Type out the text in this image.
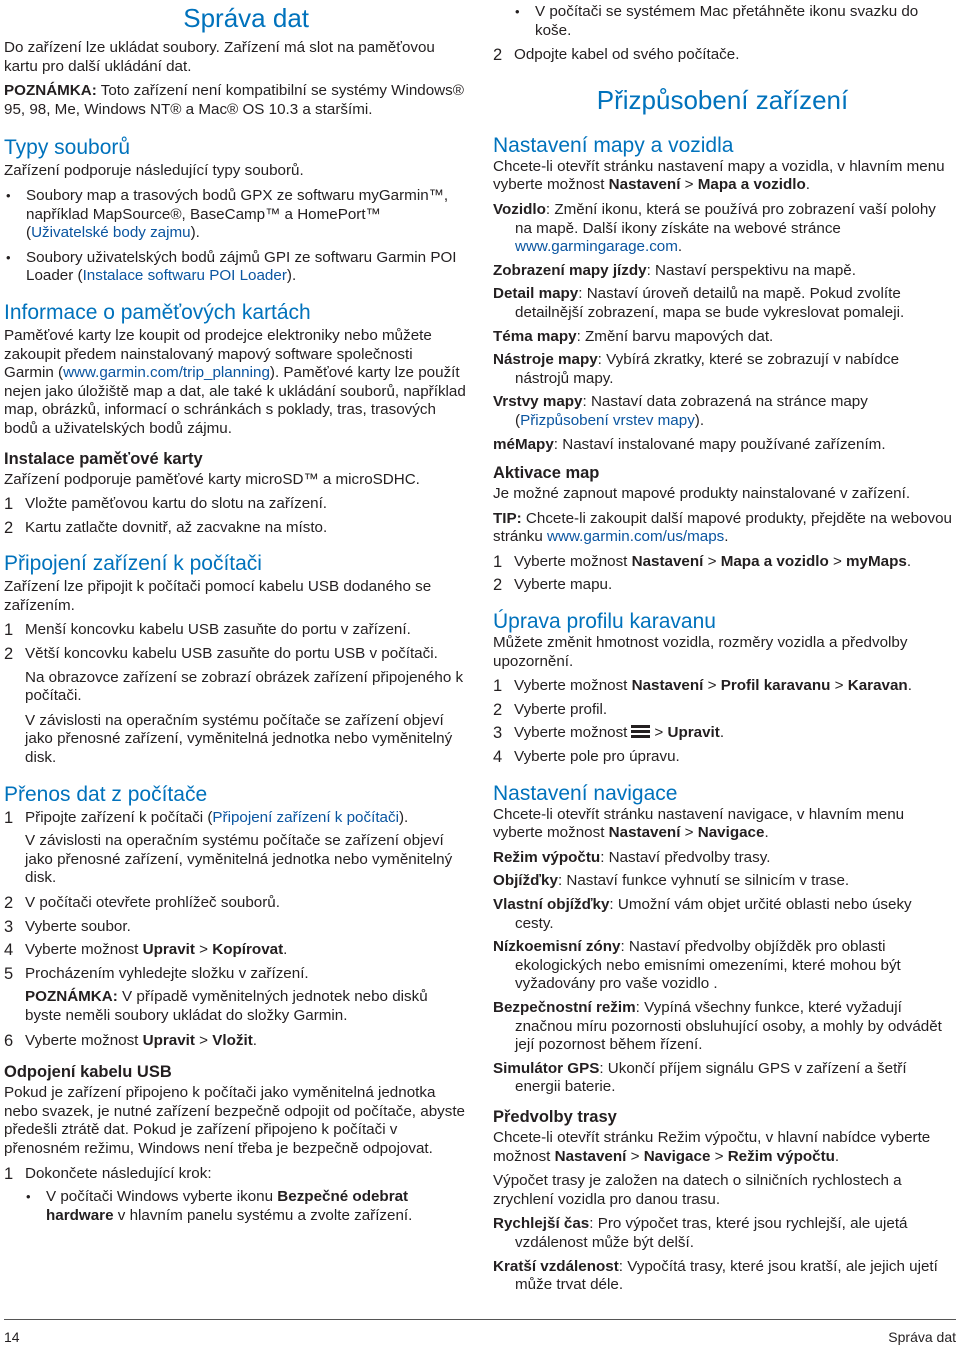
Správa dat

Do zařízení lze ukládat soubory. Zařízení má slot na paměťovou kartu pro další ukládání dat.

POZNÁMKA: Toto zařízení není kompatibilní se systémy Windows® 95, 98, Me, Windows NT® a Mac® OS 10.3 a staršími.

Typy souborů

Zařízení podporuje následující typy souborů.

•	Soubory map a trasových bodů GPX ze softwaru myGarmin™, například MapSource®, BaseCamp™ a HomePort™ (Uživatelské body zajmu).
•	Soubory uživatelských bodů zájmů GPI ze softwaru Garmin POI Loader (Instalace softwaru POI Loader).
Informace o paměťových kartách

Paměťové karty lze koupit od prodejce elektroniky nebo můžete zakoupit předem nainstalovaný mapový software společnosti Garmin (www.garmin.com/trip_planning). Paměťové karty lze použít nejen jako úložiště map a dat, ale také k ukládání souborů, například map, obrázků, informací o schránkách s poklady, tras, trasových bodů a uživatelských bodů zájmu.

Instalace paměťové karty

Zařízení podporuje paměťové karty microSD™ a microSDHC.

1 Vložte paměťovou kartu do slotu na zařízení.
2 Kartu zatlačte dovnitř, až zacvakne na místo.
Připojení zařízení k počítači

Zařízení lze připojit k počítači pomocí kabelu USB dodaného se zařízením.

1 Menší koncovku kabelu USB zasuňte do portu v zařízení.
2 Větší koncovku kabelu USB zasuňte do portu USB v počítači.

Na obrazovce zařízení se zobrazí obrázek zařízení připojeného k počítači.

V závislosti na operačním systému počítače se zařízení objeví jako přenosné zařízení, vyměnitelná jednotka nebo vyměnitelný disk.

Přenos dat z počítače
1 Připojte zařízení k počítači (Připojení zařízení k počítači).

V závislosti na operačním systému počítače se zařízení objeví jako přenosné zařízení, vyměnitelná jednotka nebo vyměnitelný disk.

2 V počítači otevřete prohlížeč souborů.
3 Vyberte soubor.
4 Vyberte možnost Upravit > Kopírovat.
5 Procházením vyhledejte složku v zařízení.

POZNÁMKA: V případě vyměnitelných jednotek nebo disků byste neměli soubory ukládat do složky Garmin.

6 Vyberte možnost Upravit > Vložit.
Odpojení kabelu USB

Pokud je zařízení připojeno k počítači jako vyměnitelná jednotka nebo svazek, je nutné zařízení bezpečně odpojit od počítače, abyste předešli ztrátě dat. Pokud je zařízení připojeno k počítači v přenosném režimu, Windows není třeba je bezpečně odpojovat.

1 Dokončete následující krok:
•	V počítači Windows vyberte ikonu Bezpečné odebrat hardware v hlavním panelu systému a zvolte zařízení.
•	V počítači se systémem Mac přetáhněte ikonu svazku do koše.
2 Odpojte kabel od svého počítače.
Přizpůsobení zařízení
Nastavení mapy a vozidla

Chcete-li otevřít stránku nastavení mapy a vozidla, v hlavním menu vyberte možnost Nastavení > Mapa a vozidlo.

Vozidlo: Změní ikonu, která se používá pro zobrazení vaší polohy na mapě. Další ikony získáte na webové stránce www.garmingarage.com.

Zobrazení mapy jízdy: Nastaví perspektivu na mapě.

Detail mapy: Nastaví úroveň detailů na mapě. Pokud zvolíte detailnější zobrazení, mapa se bude vykreslovat pomaleji.

Téma mapy: Změní barvu mapových dat.

Nástroje mapy: Vybírá zkratky, které se zobrazují v nabídce nástrojů mapy.

Vrstvy mapy: Nastaví data zobrazená na stránce mapy (Přizpůsobení vrstev mapy).

méMapy: Nastaví instalované mapy používané zařízením.

Aktivace map

Je možné zapnout mapové produkty nainstalované v zařízení.

TIP: Chcete-li zakoupit další mapové produkty, přejděte na webovou stránku www.garmin.com/us/maps.

1 Vyberte možnost Nastavení > Mapa a vozidlo > myMaps.
2 Vyberte mapu.
Úprava profilu karavanu

Můžete změnit hmotnost vozidla, rozměry vozidla a předvolby upozornění.

1 Vyberte možnost Nastavení > Profil karavanu > Karavan.
2 Vyberte profil.
3 Vyberte možnost > Upravit.
4 Vyberte pole pro úpravu.
Nastavení navigace

Chcete-li otevřít stránku nastavení navigace, v hlavním menu vyberte možnost Nastavení > Navigace.

Režim výpočtu: Nastaví předvolby trasy.

Objížďky: Nastaví funkce vyhnutí se silnicím v trase.

Vlastní objížďky: Umožní vám objet určité oblasti nebo úseky cesty.

Nízkoemisní zóny: Nastaví předvolby objížděk pro oblasti ekologických nebo emisními omezeními, které mohou být vyžadovány pro vaše vozidlo .

Bezpečnostní režim: Vypíná všechny funkce, které vyžadují značnou míru pozornosti obsluhující osoby, a mohly by odvádět její pozornost během řízení.

Simulátor GPS: Ukončí příjem signálu GPS v zařízení a šetří energii baterie.

Předvolby trasy

Chcete-li otevřít stránku Režim výpočtu, v hlavní nabídce vyberte možnost Nastavení > Navigace > Režim výpočtu.

Výpočet trasy je založen na datech o silničních rychlostech a zrychlení vozidla pro danou trasu.

Rychlejší čas: Pro výpočet tras, které jsou rychlejší, ale ujetá vzdálenost může být delší.

Kratší vzdálenost: Vypočítá trasy, které jsou kratší, ale jejich ujetí může trvat déle.

14	Správa dat
